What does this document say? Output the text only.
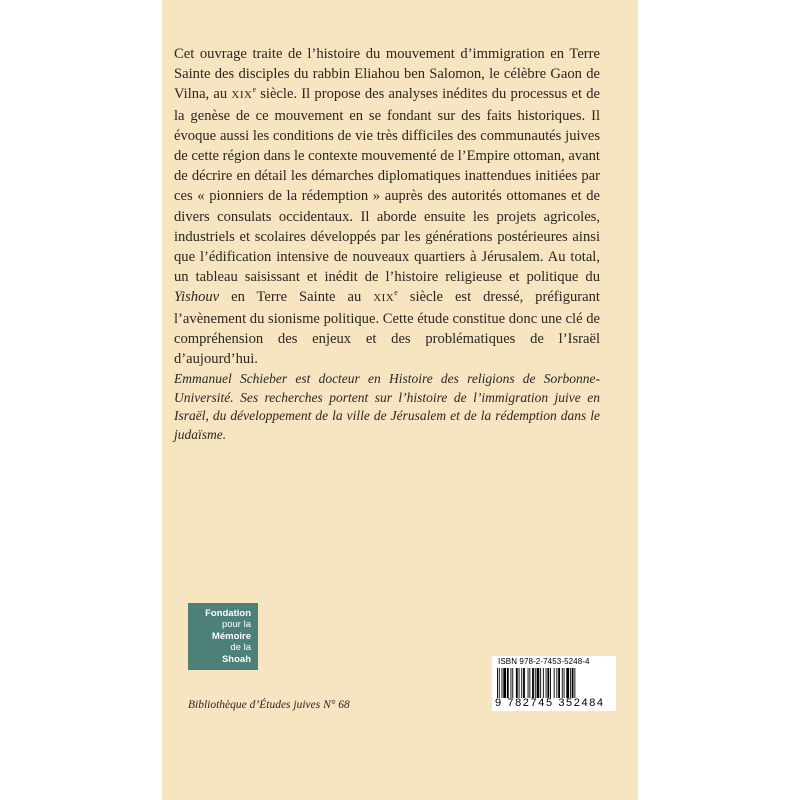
Cet ouvrage traite de l’histoire du mouvement d’immigration en Terre Sainte des disciples du rabbin Eliahou ben Salomon, le célèbre Gaon de Vilna, au XIXe siècle. Il propose des analyses inédites du processus et de la genèse de ce mouvement en se fondant sur des faits historiques. Il évoque aussi les conditions de vie très difficiles des communautés juives de cette région dans le contexte mouvementé de l’Empire ottoman, avant de décrire en détail les démarches diplomatiques inattendues initiées par ces « pionniers de la rédemption » auprès des autorités ottomanes et de divers consulats occidentaux. Il aborde ensuite les projets agricoles, industriels et scolaires développés par les générations postérieures ainsi que l’édification intensive de nouveaux quartiers à Jérusalem. Au total, un tableau saisissant et inédit de l’histoire religieuse et politique du Yishouv en Terre Sainte au XIXe siècle est dressé, préfigurant l’avènement du sionisme politique. Cette étude constitue donc une clé de compréhension des enjeux et des problématiques de l’Israël d’aujourd’hui.

Emmanuel Schieber est docteur en Histoire des religions de Sorbonne-Université. Ses recherches portent sur l’histoire de l’immigration juive en Israël, du développement de la ville de Jérusalem et de la rédemption dans le judaïsme.

Fondation
pour la
Mémoire
de la
Shoah
Bibliothèque d’Études juives N° 68
ISBN 978-2-7453-5248-4
9 782745 352484
